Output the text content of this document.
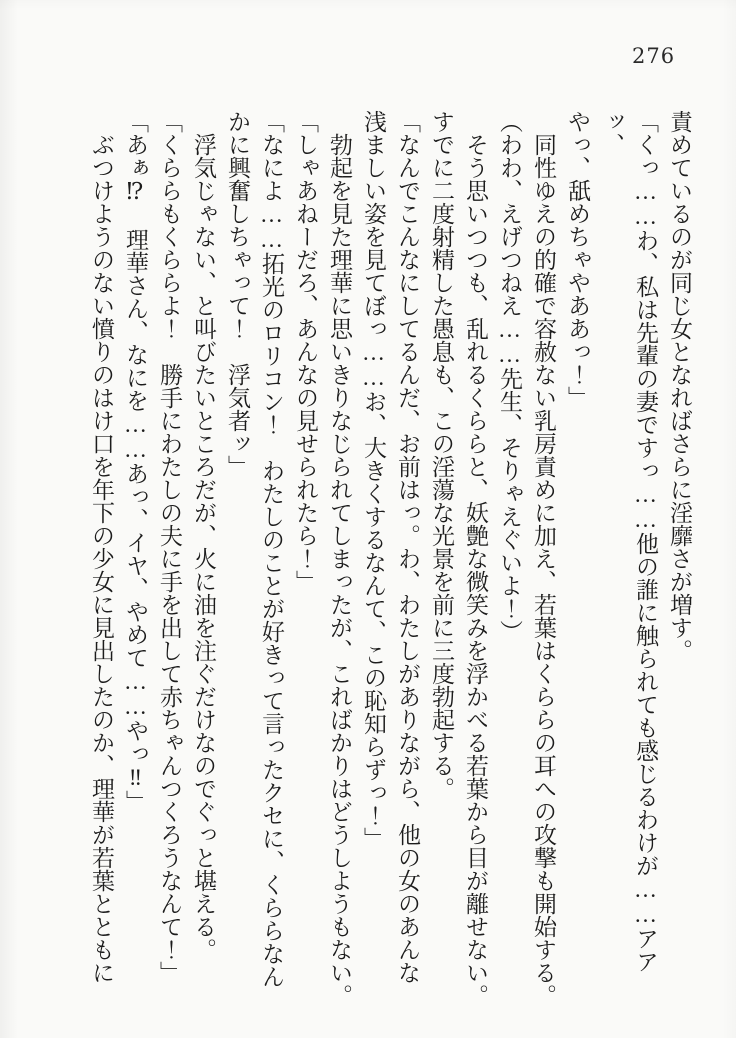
276

責めているのが同じ女となればさらに淫靡さが増す。

「くっ……わ、私は先輩の妻ですっ……他の誰に触られても感じるわけが……アアッ、

やっ、舐めちゃやああっ！」

　同性ゆえの的確で容赦ない乳房責めに加え、若葉はくららの耳への攻撃も開始する。

（わわ、えげつねえ……先生、そりゃえぐいよ！）

　そう思いつつも、乱れるくららと、妖艶な微笑みを浮かべる若葉から目が離せない。

すでに二度射精した愚息も、この淫蕩な光景を前に三度勃起する。

「なんでこんなにしてるんだ、お前はっ。わ、わたしがありながら、他の女のあんな

浅ましい姿を見てぼっ……お、大きくするなんて、この恥知らずっ！」

　勃起を見た理華に思いきりなじられてしまったが、こればかりはどうしようもない。

「しゃあねーだろ、あんなの見せられたら！」

「なによ……拓光のロリコン！　わたしのことが好きって言ったクセに、くららなん

かに興奮しちゃって！　浮気者ッ」

　浮気じゃない、と叫びたいところだが、火に油を注ぐだけなのでぐっと堪える。

「くららもくららよ！　勝手にわたしの夫に手を出して赤ちゃんつくろうなんて！」

「あぁ⁉　理華さん、なにを……あっ、イヤ、やめて……やっ‼」

　ぶつけようのない憤りのはけ口を年下の少女に見出したのか、理華が若葉とともに
